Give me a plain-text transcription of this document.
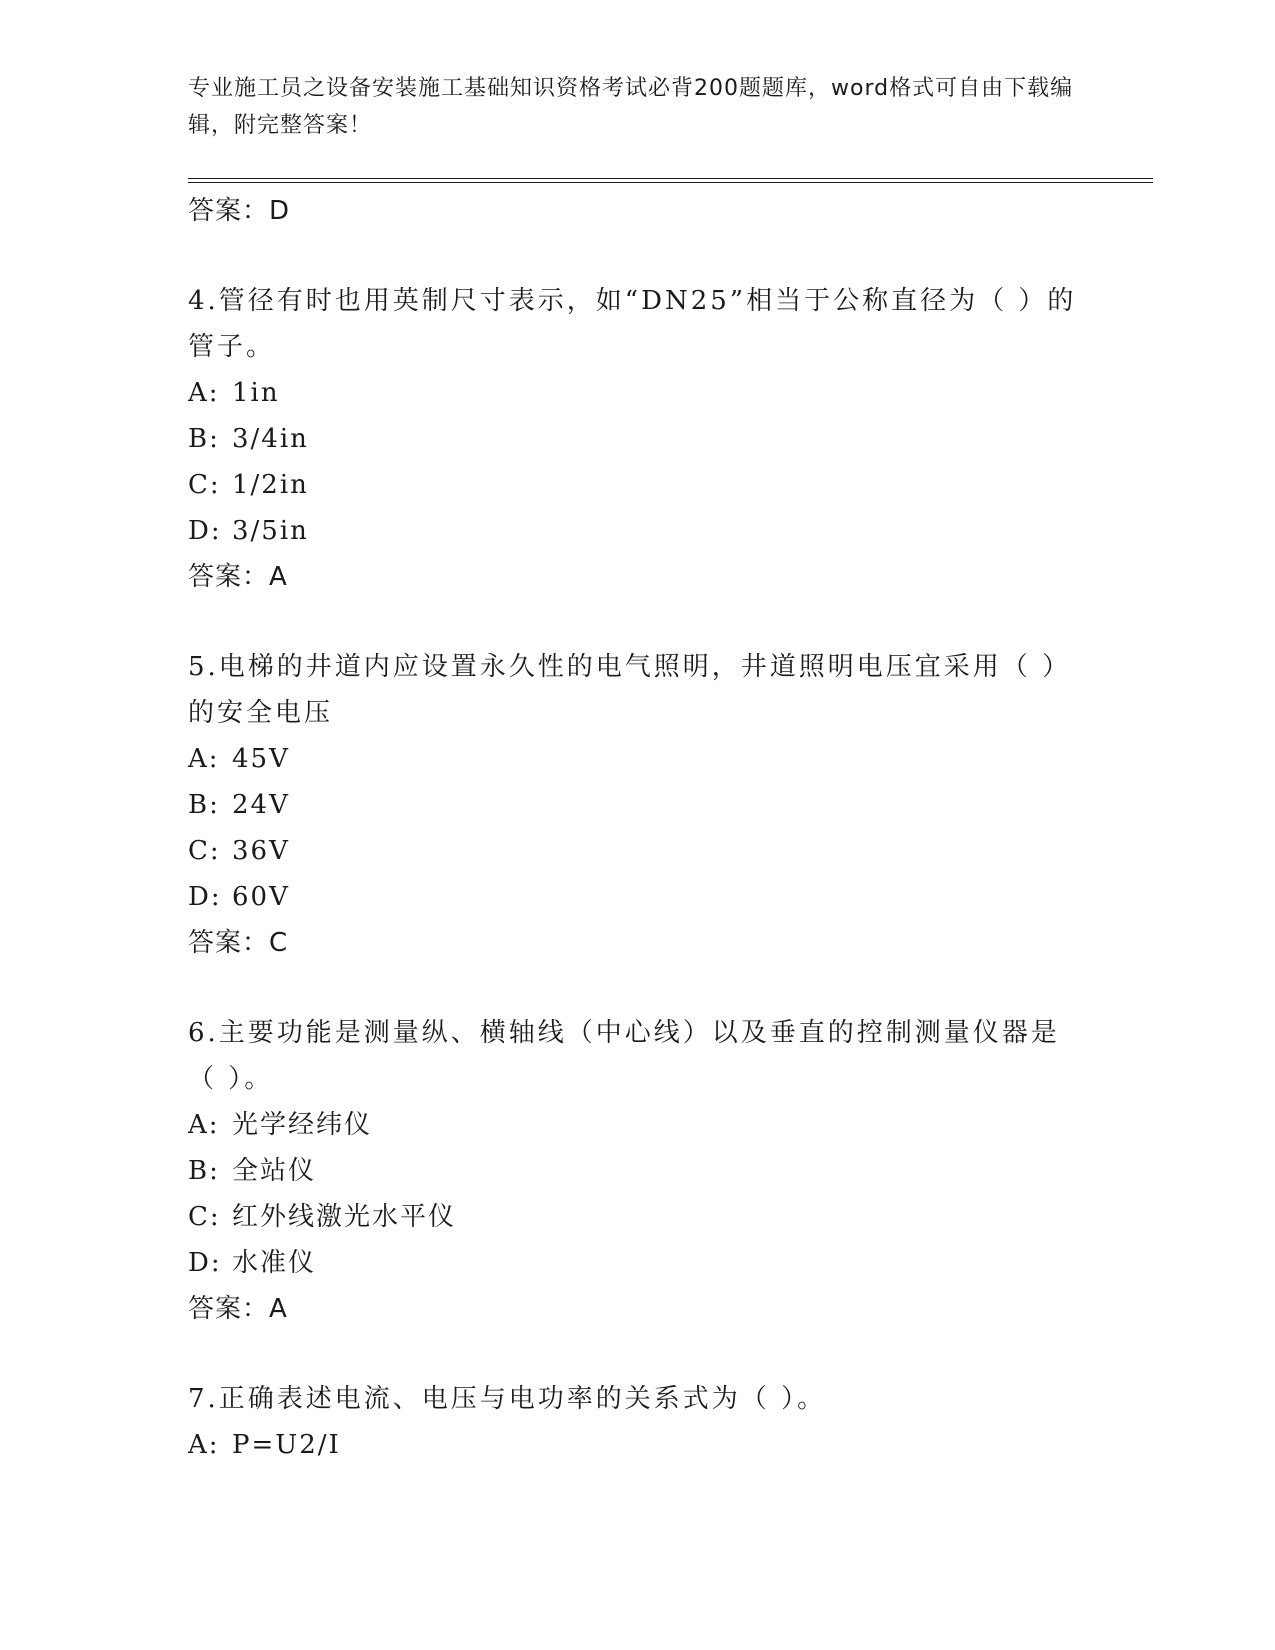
专业施工员之设备安装施工基础知识资格考试必背200题题库，word格式可自由下载编辑，附完整答案！
答案：D
4.管径有时也用英制尺寸表示，如“DN25”相当于公称直径为（ ）的管子。
A: 1in
B: 3/4in
C: 1/2in
D: 3/5in
答案：A
5.电梯的井道内应设置永久性的电气照明，井道照明电压宜采用（ ）的安全电压
A: 45V
B: 24V
C: 36V
D: 60V
答案：C
6.主要功能是测量纵、横轴线（中心线）以及垂直的控制测量仪器是（ ）。
A: 光学经纬仪
B: 全站仪
C: 红外线激光水平仪
D: 水准仪
答案：A
7.正确表述电流、电压与电功率的关系式为（ ）。
A: P=U2/I
